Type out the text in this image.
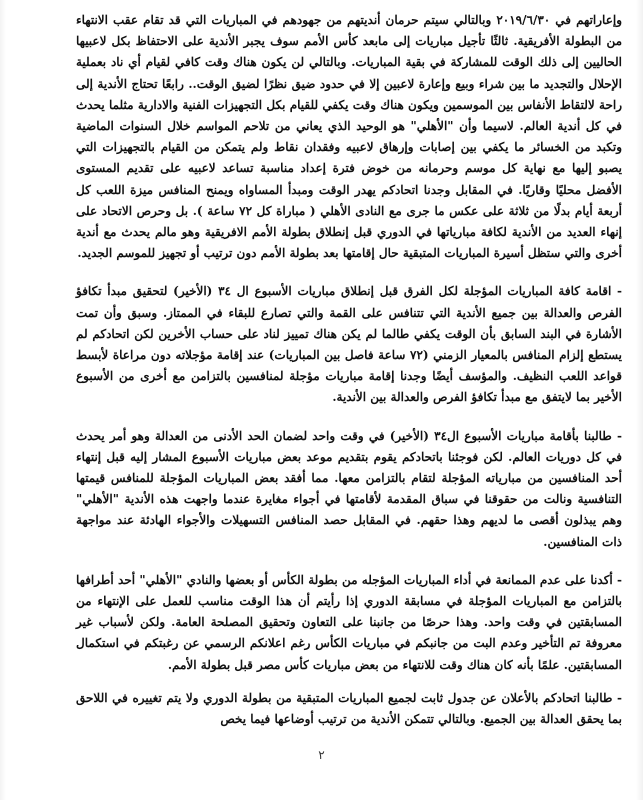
وإعاراتهم في ٢٠١٩/٦/٣٠ وبالتالي سيتم حرمان أنديتهم من جهودهم في المباريات التي قد تقام عقب الانتهاء من البطولة الأفريقية. ثالثًا تأجيل مباريات إلى مابعد كأس الأمم سوف يجبر الأندية على الاحتفاظ بكل لاعبيها الحاليين إلى ذلك الوقت للمشاركة في بقية المباريات. وبالتالي لن يكون هناك وقت كافي لقيام أي ناد بعملية الإحلال والتجديد ما بين شراء وبيع وإعارة لاعبين إلا في حدود ضيق نظرًا لضيق الوقت.. رابعًا تحتاج الأندية إلى راحة لالتقاط الأنفاس بين الموسمين ويكون هناك وقت يكفي للقيام بكل التجهيزات الفنية والادارية مثلما يحدث في كل أندية العالم. لاسيما وأن "الأهلي" هو الوحيد الذي يعاني من تلاحم المواسم خلال السنوات الماضية وتكبد من الخسائر ما يكفي بين إصابات وإرهاق لاعبيه وفقدان نقاط ولم يتمكن من القيام بالتجهيزات التي يصبو إليها مع نهاية كل موسم وحرمانه من خوض فترة إعداد مناسبة تساعد لاعبيه على تقديم المستوى الأفضل محليًا وقاريًا. في المقابل وجدنا اتحادكم يهدر الوقت ومبدأ المساواه ويمنح المنافس ميزة اللعب كل أربعة أيام بدلًا من ثلاثة على عكس ما جرى مع النادى الأهلي ( مباراة كل ٧٢ ساعة ). بل وحرص الاتحاد على إنهاء العديد من الأندية لكافة مبارياتها في الدوري قبل إنطلاق بطولة الأمم الافريقية وهو مالم يحدث مع أندية أخرى والتي ستظل أسيرة المباريات المتبقية حال إقامتها بعد بطولة الأمم دون ترتيب أو تجهيز للموسم الجديد.

- اقامة كافة المباريات المؤجلة لكل الفرق قبل إنطلاق مباريات الأسبوع ال ٣٤ (الأخير) لتحقيق مبدأ تكافؤ الفرص والعدالة بين جميع الأندية التي تتنافس على القمة والتي تصارع للبقاء في الممتاز. وسبق وأن تمت الأشارة في البند السابق بأن الوقت يكفي طالما لم يكن هناك تمييز لناد على حساب الأخرين لكن اتحادكم لم يستطع إلزام المنافس بالمعيار الزمني (٧٢ ساعة فاصل بين المباريات) عند إقامة مؤجلاته دون مراعاة لأبسط قواعد اللعب النظيف. والمؤسف أيضًا وجدنا إقامة مباريات مؤجلة لمنافسين بالتزامن مع أخرى من الأسبوع الأخير بما لايتفق مع مبدأ تكافؤ الفرص والعدالة بين الأندية.

- طالبنا بأقامة مباريات الأسبوع ال٣٤ (الأخير) في وقت واحد لضمان الحد الأدنى من العدالة وهو أمر يحدث في كل دوريات العالم. لكن فوجئنا باتحادكم يقوم بتقديم موعد بعض مباريات الأسبوع المشار إليه قبل إنتهاء أحد المنافسين من مبارياته المؤجلة لتقام بالتزامن معها. مما أفقد بعض المباريات المؤجلة للمنافس قيمتها التنافسية ونالت من حقوقنا في سباق المقدمة لأقامتها في أجواء مغايرة عندما واجهت هذه الأندية "الأهلي" وهم يبذلون أقصى ما لديهم وهذا حقهم. في المقابل حصد المنافس التسهيلات والأجواء الهادئة عند مواجهة ذات المنافسين.

- أكدنا على عدم الممانعة في أداء المباريات المؤجله من بطولة الكأس أو بعضها والنادي "الأهلي" أحد أطرافها بالتزامن مع المباريات المؤجلة في مسابقة الدوري إذا رأيتم أن هذا الوقت مناسب للعمل على الإنتهاء من المسابقتين في وقت واحد. وهذا حرصًا من جانبنا على التعاون وتحقيق المصلحة العامة. ولكن لأسباب غير معروفة تم التأخير وعدم البت من جانبكم في مباريات الكأس رغم اعلانكم الرسمي عن رغبتكم في استكمال المسابقتين. علمًا بأنه كان هناك وقت للانتهاء من بعض مباريات كأس مصر قبل بطولة الأمم.

- طالبنا اتحادكم بالأعلان عن جدول ثابت لجميع المباريات المتبقية من بطولة الدوري ولا يتم تغييره في اللاحق بما يحقق العدالة بين الجميع. وبالتالي تتمكن الأندية من ترتيب أوضاعها فيما يخص

٢
